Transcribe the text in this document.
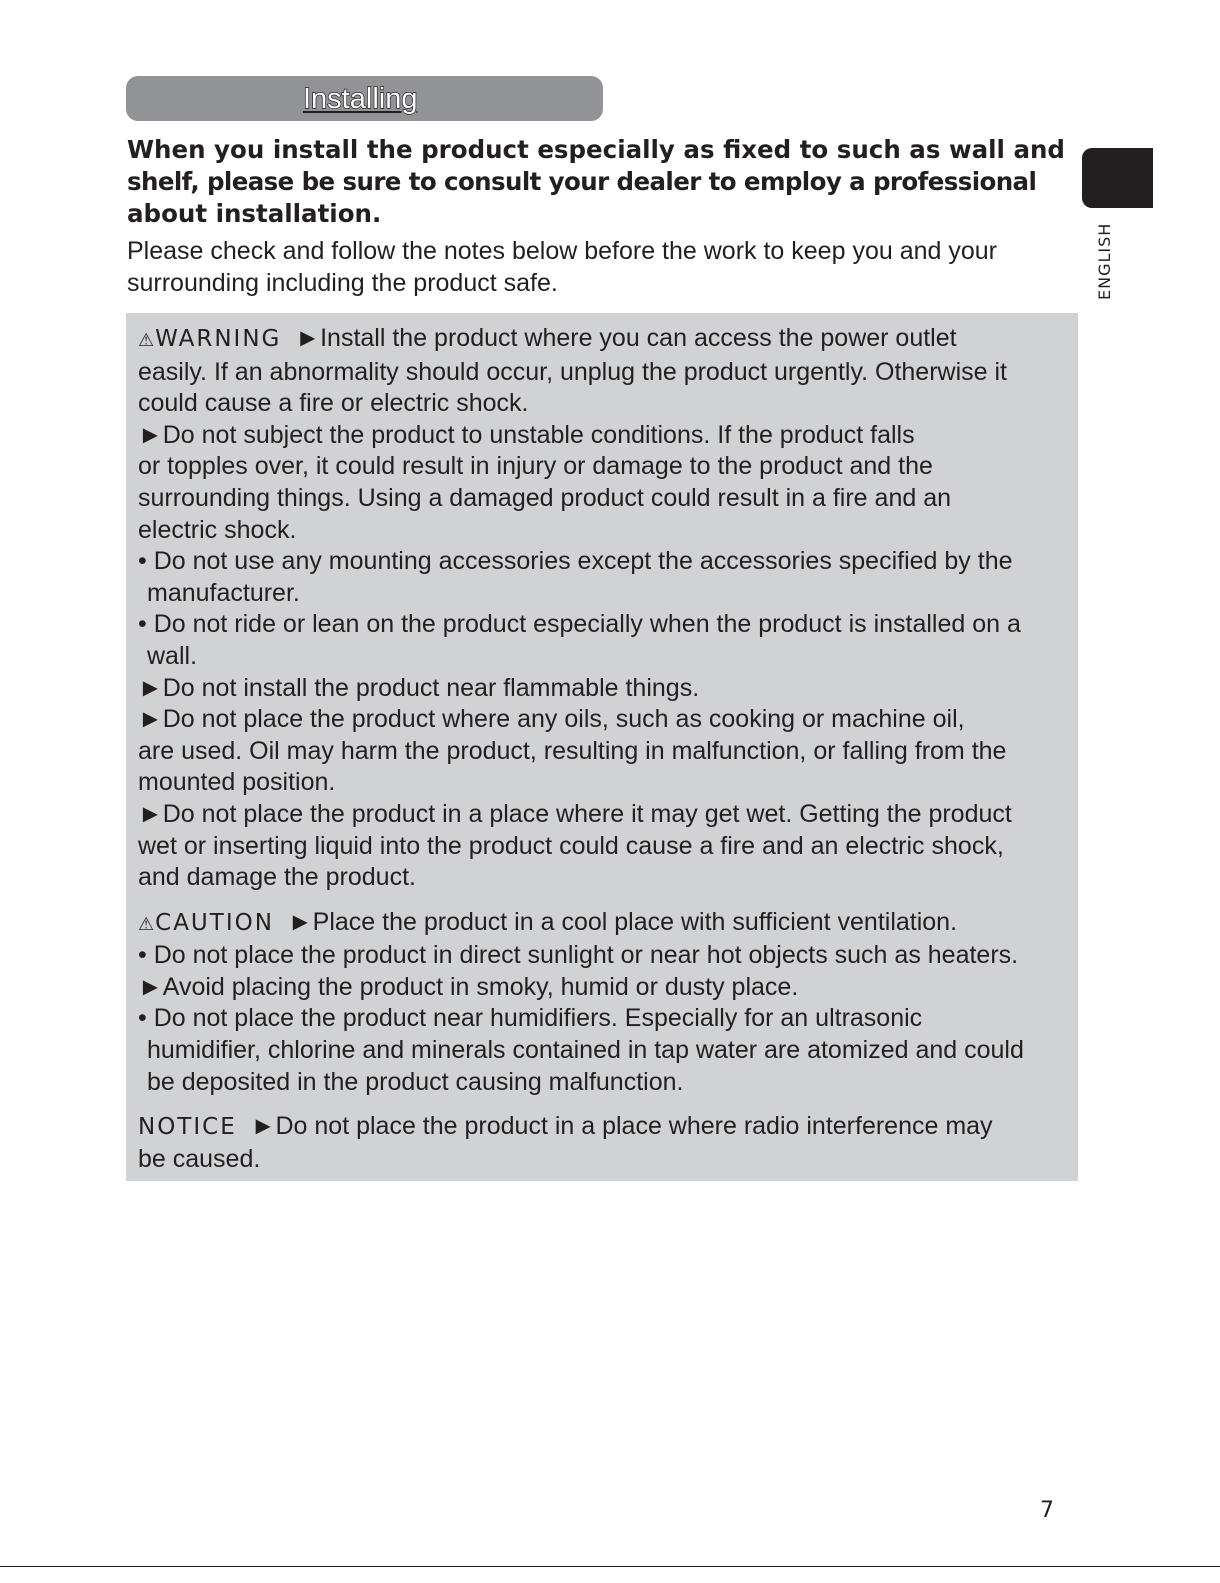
Installing
ENGLISH
When you install the product especially as fixed to such as wall and
shelf, please be sure to consult your dealer to employ a professional
about installation.
Please check and follow the notes below before the work to keep you and your
surrounding including the product safe.
⚠WARNING ►Install the product where you can access the power outlet
easily. If an abnormality should occur, unplug the product urgently. Otherwise it
could cause a fire or electric shock.
►Do not subject the product to unstable conditions. If the product falls
or topples over, it could result in injury or damage to the product and the
surrounding things. Using a damaged product could result in a fire and an
electric shock.
• Do not use any mounting accessories except the accessories specified by the
manufacturer.
• Do not ride or lean on the product especially when the product is installed on a
wall.
►Do not install the product near flammable things.
►Do not place the product where any oils, such as cooking or machine oil,
are used. Oil may harm the product, resulting in malfunction, or falling from the
mounted position.
►Do not place the product in a place where it may get wet. Getting the product
wet or inserting liquid into the product could cause a fire and an electric shock,
and damage the product.
⚠CAUTION ►Place the product in a cool place with sufficient ventilation.
• Do not place the product in direct sunlight or near hot objects such as heaters.
►Avoid placing the product in smoky, humid or dusty place.
• Do not place the product near humidifiers. Especially for an ultrasonic
humidifier, chlorine and minerals contained in tap water are atomized and could
be deposited in the product causing malfunction.
NOTICE ►Do not place the product in a place where radio interference may
be caused.
7
